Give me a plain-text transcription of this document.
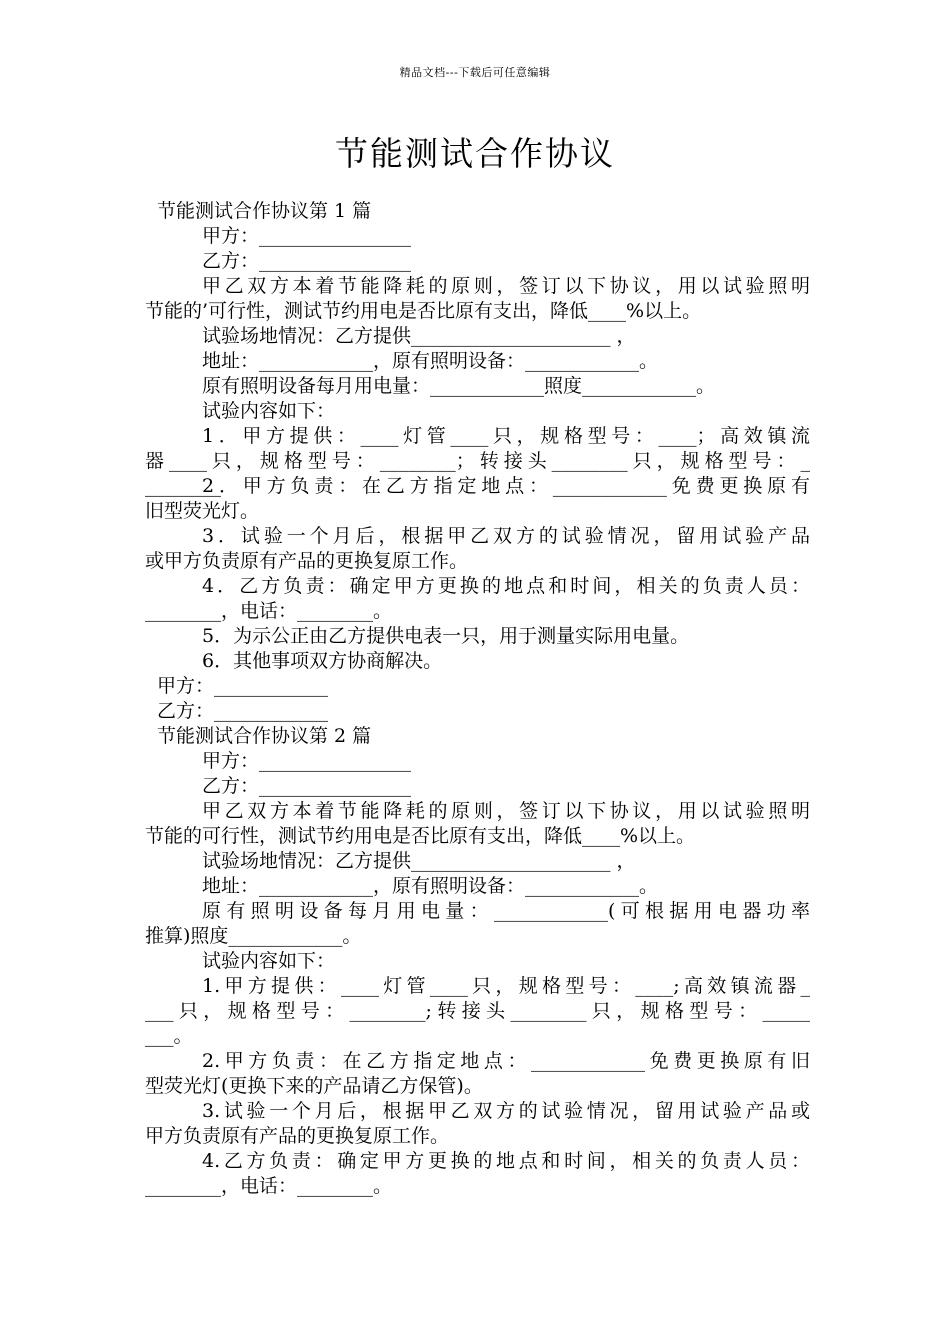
精品文档---下载后可任意编辑
节能测试合作协议
节能测试合作协议第 1 篇
甲方：________________
乙方：________________
甲乙双方本着节能降耗的原则，签订以下协议，用以试验照明
节能的’可行性，测试节约用电是否比原有支出，降低____%以上。
试验场地情况：乙方提供_____________________ ，
地址：____________，原有照明设备：____________。
原有照明设备每月用电量：____________照度____________。
试验内容如下：
1．甲方提供：____灯管____只，规格型号：____；高效镇流
器____只，规格型号：________；转接头________只，规格型号：_
________
2．甲方负责：在乙方指定地点：____________免费更换原有
旧型荧光灯。
3．试验一个月后，根据甲乙双方的试验情况，留用试验产品
或甲方负责原有产品的更换复原工作。
4．乙方负责：确定甲方更换的地点和时间，相关的负责人员：
________，电话：________。
5．为示公正由乙方提供电表一只，用于测量实际用电量。
6．其他事项双方协商解决。
甲方：____________
乙方：____________
节能测试合作协议第 2 篇
甲方：________________
乙方：________________
甲乙双方本着节能降耗的原则，签订以下协议，用以试验照明
节能的可行性，测试节约用电是否比原有支出，降低____%以上。
试验场地情况：乙方提供_____________________ ，
地址：____________，原有照明设备：____________。
原有照明设备每月用电量：____________(可根据用电器功率
推算)照度____________。
试验内容如下：
1.甲方提供：____灯管____只，规格型号：____;高效镇流器_
___只，规格型号：________;转接头________只，规格型号：_____
___。
2.甲方负责：在乙方指定地点：____________免费更换原有旧
型荧光灯(更换下来的产品请乙方保管)。
3.试验一个月后，根据甲乙双方的试验情况，留用试验产品或
甲方负责原有产品的更换复原工作。
4.乙方负责：确定甲方更换的地点和时间，相关的负责人员：
________，电话：________。
